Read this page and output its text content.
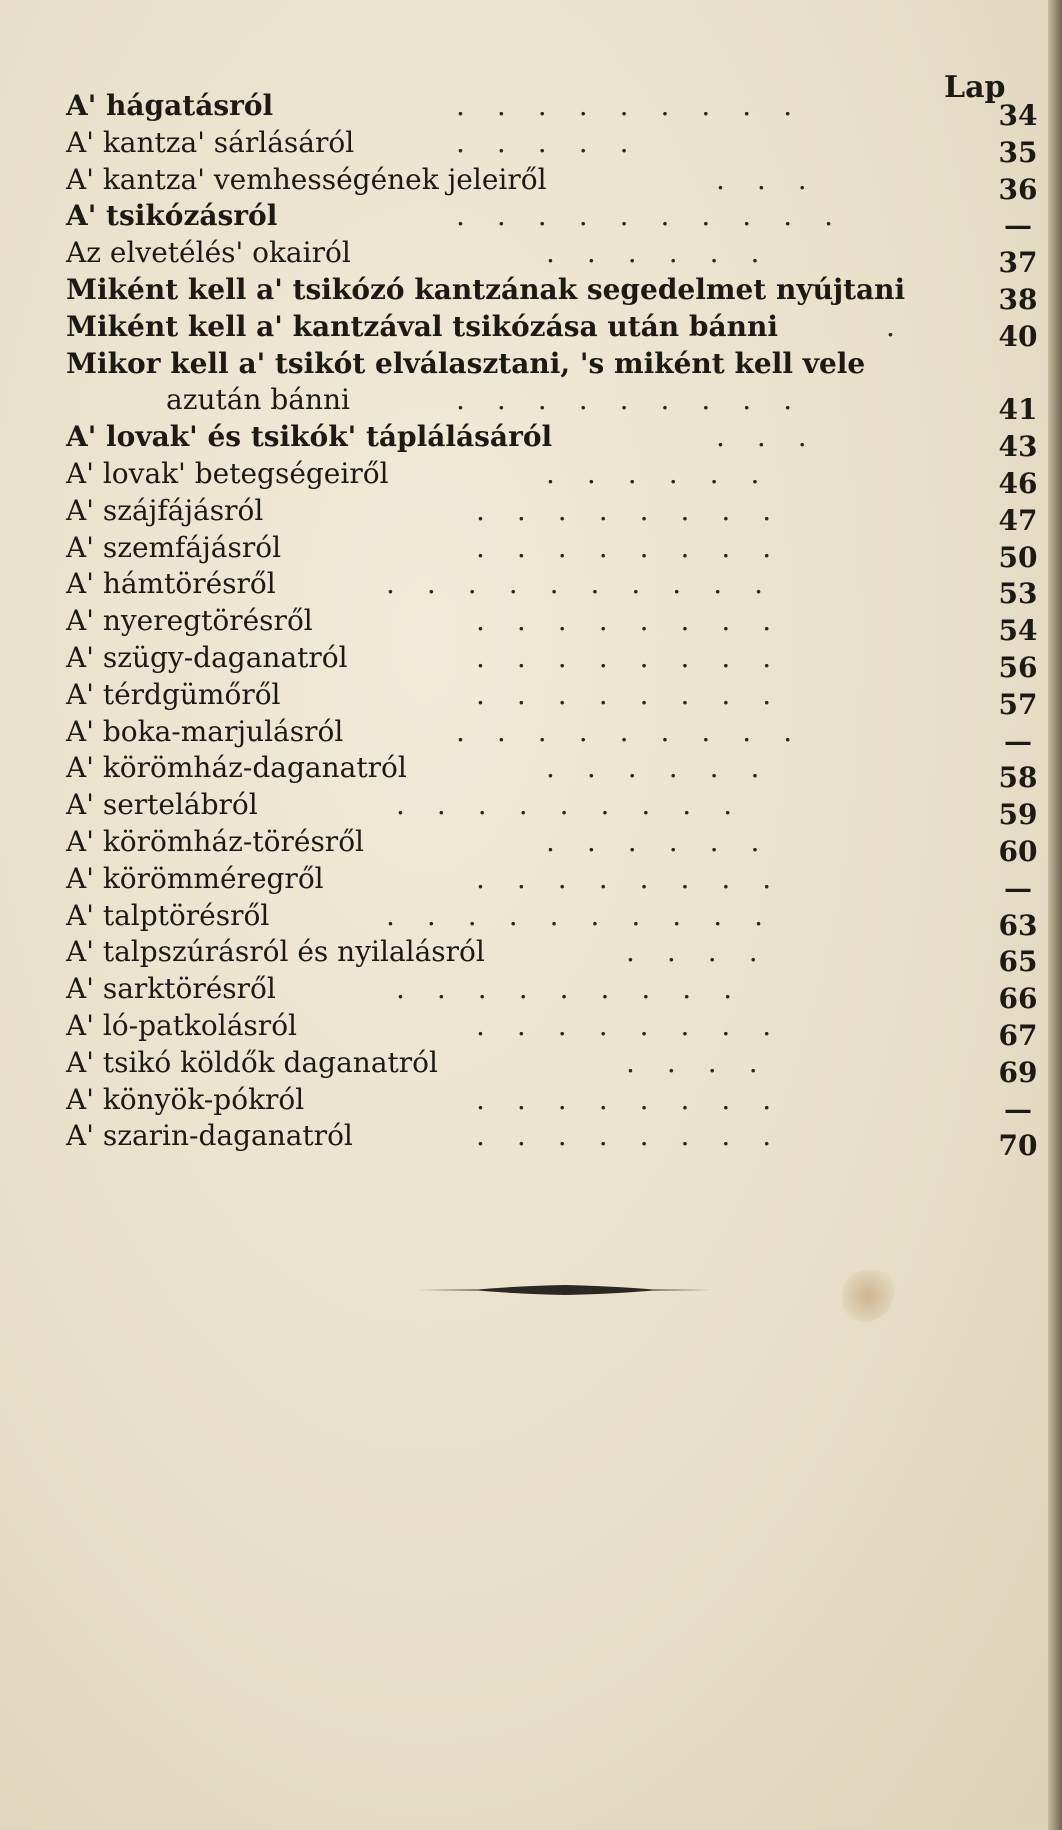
Lap
A' hágatásról	.........	34
A' kantza' sárlásáról	.....	35
A' kantza' vemhességének jeleiről	...	36
A' tsikózásról	..........	—
Az elvetélés' okairól	......	37
Miként kell a' tsikózó kantzának segedelmet nyújtani	38
Miként kell a' kantzával tsikózása után bánni	.	40
Mikor kell a' tsikót elválasztani, 's miként kell vele
azután bánni	.........	41
A' lovak' és tsikók' táplálásáról	...	43
A' lovak' betegségeiről	......	46
A' szájfájásról	........	47
A' szemfájásról	........	50
A' hámtörésről	..........	53
A' nyeregtörésről	........	54
A' szügy-daganatról	........	56
A' térdgümőről	........	57
A' boka-marjulásról	.........	—
A' körömház-daganatról	......	58
A' sertelábról	.........	59
A' körömház-törésről	......	60
A' körömméregről	........	—
A' talptörésről	..........	63
A' talpszúrásról és nyilalásról	....	65
A' sarktörésről	.........	66
A' ló-patkolásról	........	67
A' tsikó köldők daganatról	....	69
A' könyök-pókról	........	—
A' szarin-daganatról	........	70
